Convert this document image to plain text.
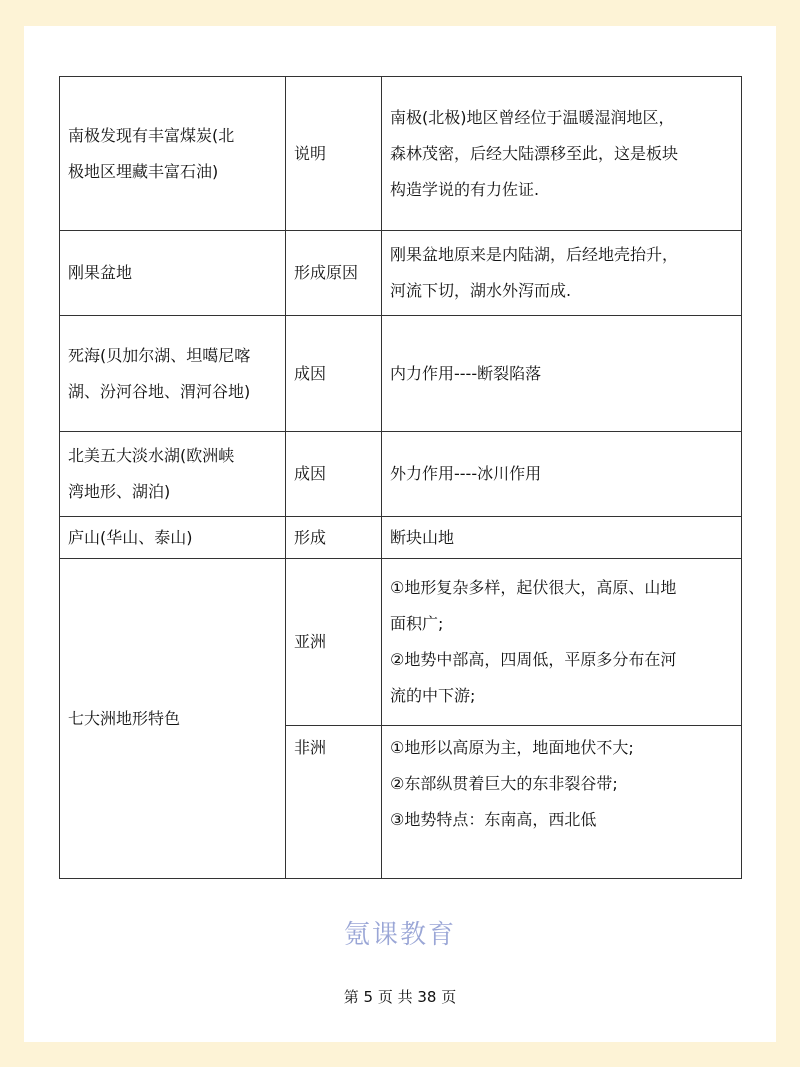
南极发现有丰富煤炭(北
极地区埋藏丰富石油)	说明	南极(北极)地区曾经位于温暖湿润地区，
森林茂密，后经大陆漂移至此，这是板块
构造学说的有力佐证.

刚果盆地	形成原因	刚果盆地原来是内陆湖，后经地壳抬升，
河流下切，湖水外泻而成.

死海(贝加尔湖、坦噶尼喀
湖、汾河谷地、渭河谷地)	成因	内力作用----断裂陷落

北美五大淡水湖(欧洲峡
湾地形、湖泊)	成因	外力作用----冰川作用

庐山(华山、泰山)	形成	断块山地

七大洲地形特色	亚洲	①地形复杂多样，起伏很大，高原、山地
面积广;
②地势中部高，四周低，平原多分布在河
流的中下游;

	非洲	①地形以高原为主，地面地伏不大;
②东部纵贯着巨大的东非裂谷带;
③地势特点：东南高，西北低
氪课教育
第 5 页 共 38 页
